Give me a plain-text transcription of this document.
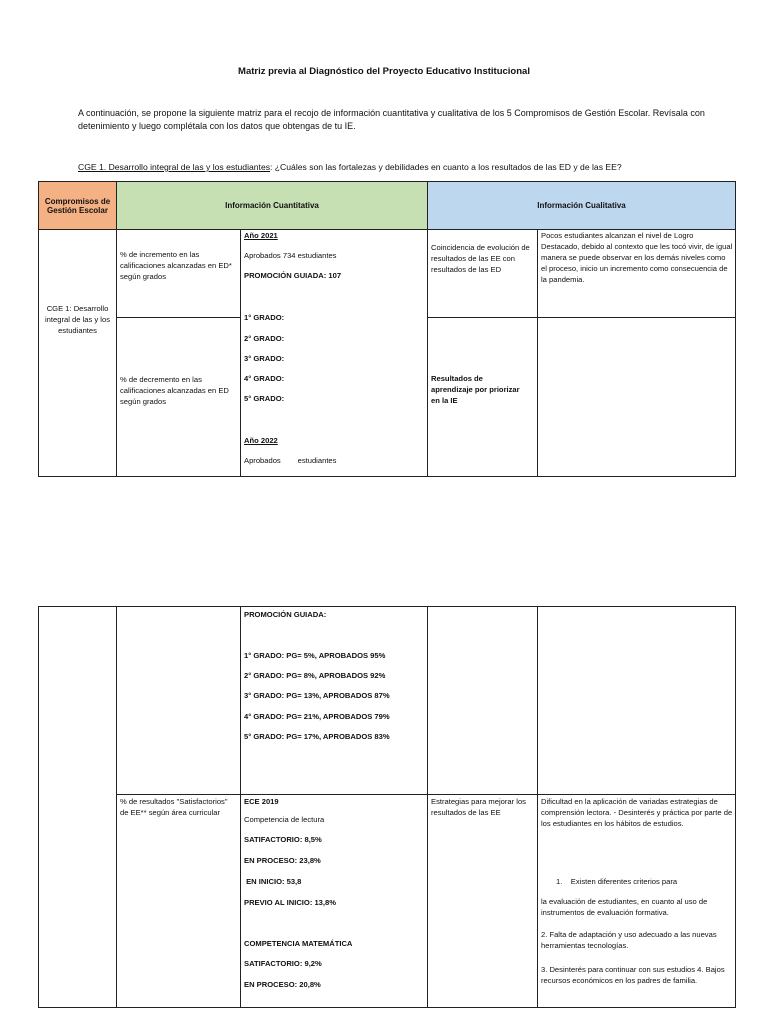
Matriz previa al Diagnóstico del Proyecto Educativo Institucional
A continuación, se propone la siguiente matriz para el recojo de información cuantitativa y cualitativa de los 5 Compromisos de Gestión Escolar. Revísala con detenimiento y luego complétala con los datos que obtengas de tu IE.
CGE 1. Desarrollo integral de las y los estudiantes: ¿Cuáles son las fortalezas y debilidades en cuanto a los resultados de las ED y de las EE?
Compromisos de Gestión Escolar	Información Cuantitativa	Información Cualitativa
CGE 1: Desarrollo integral de las y los estudiantes
% de incremento en las calificaciones alcanzadas en ED* según grados
% de decremento en las calificaciones alcanzadas en ED según grados
Año 2021
Aprobados 734 estudiantes
PROMOCIÓN GUIADA: 107
1° GRADO:
2° GRADO:
3° GRADO:
4° GRADO:
5° GRADO:
Año 2022
Aprobados        estudiantes
Coincidencia de evolución de resultados de las EE con resultados de las ED
Pocos estudiantes alcanzan el nivel de Logro Destacado, debido al contexto que les tocó vivir, de igual manera se puede observar en los demás niveles como el proceso, inicio un incremento como consecuencia de la pandemia.
Resultados de aprendizaje por priorizar en la IE
PROMOCIÓN GUIADA:
1° GRADO: PG= 5%, APROBADOS 95%
2° GRADO: PG= 8%, APROBADOS 92%
3° GRADO: PG= 13%, APROBADOS 87%
4° GRADO: PG= 21%, APROBADOS 79%
5° GRADO: PG= 17%, APROBADOS 83%
% de resultados "Satisfactorios" de EE** según área curricular
ECE 2019
Competencia de lectura
SATIFACTORIO: 8,5%
EN PROCESO: 23,8%
EN INICIO: 53,8
PREVIO AL INICIO: 13,8%
COMPETENCIA MATEMÁTICA
SATIFACTORIO: 9,2%
EN PROCESO: 20,8%
Estrategias para mejorar los resultados de las EE
Dificultad en la aplicación de variadas estrategias de comprensión lectora. - Desinterés y práctica por parte de los estudiantes en los hábitos de estudios.
1.    Existen diferentes criterios para
la evaluación de estudiantes, en cuanto al uso de instrumentos de evaluación formativa.
2. Falta de adaptación y uso adecuado a las nuevas herramientas tecnologías.
3. Desinterés para continuar con sus estudios 4. Bajos recursos económicos en los padres de familia.
